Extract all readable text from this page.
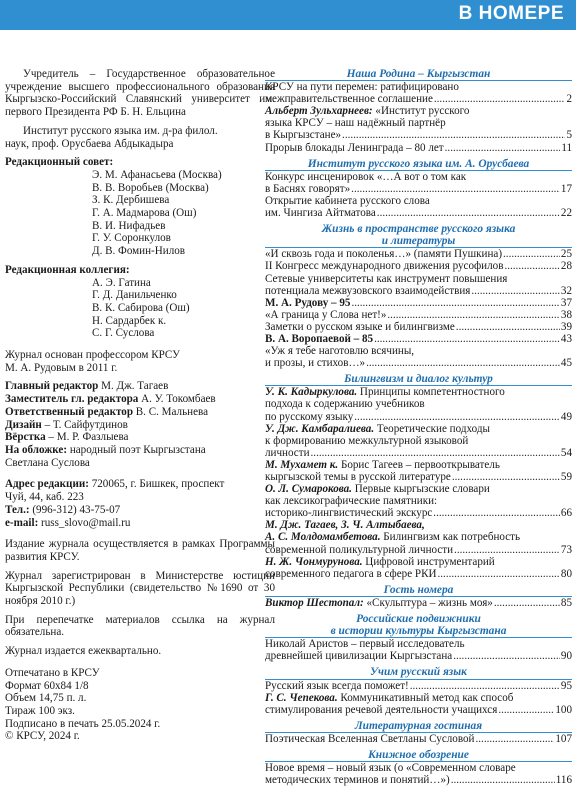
В НОМЕРЕ

Учредитель – Государственное образовательное учреждение высшего профессионального образования Кыргызско-Российский Славянский университет им. первого Президента РФ Б. Н. Ельцина

Институт русского языка им. д-ра филол.

наук, проф. Орусбаева Абдыкадыра

Редакционный совет:

Э. М. Афанасьева (Москва)

В. В. Воробьев (Москва)

З. К. Дербишева

Г. А. Мадмарова (Ош)

В. И. Нифадьев

Г. У. Соронкулов

Д. В. Фомин-Нилов

Редакционная коллегия:

А. Э. Гатина

Г. Д. Данильченко

В. К. Сабирова (Ош)

Н. Сардарбек к.

С. Г. Суслова

Журнал основан профессором КРСУ

М. А. Рудовым в 2011 г.

Главный редактор М. Дж. Тагаев

Заместитель гл. редактора А. У. Токомбаев

Ответственный редактор В. С. Мальнева

Дизайн – Т. Сайфутдинов

Вёрстка – М. Р. Фазлыева

На обложке: народный поэт Кыргызстана

Светлана Суслова

Адрес редакции: 720065, г. Бишкек, проспект

Чуй, 44, каб. 223

Тел.: (996-312) 43-75-07

e-mail: russ_slovo@mail.ru

Издание журнала осуществляется в рамках Программы развития КРСУ.

Журнал зарегистрирован в Министерстве юстиции Кыргызской Республики (свидетельство №1690 от 30 ноября 2010 г.)

При перепечатке материалов ссылка на журнал обязательна.

Журнал издается ежеквартально.

Отпечатано в КРСУ

Формат 60х84 1/8

Объем 14,75 п. л.

Тираж 100 экз.

Подписано в печать 25.05.2024 г.

© КРСУ, 2024 г.

Наша Родина – Кыргызстан
КРСУ на пути перемен: ратифицировано
межправительственное соглашение .....	2
Альберт Зульхарнеев: «Институт русского
языка КРСУ – наш надёжный партнёр
в Кыргызстане» .....	5
Прорыв блокады Ленинграда – 80 лет .....	11
Институт русского языка им. А. Орусбаева
Конкурс инсценировок «…А вот о том как
в Баснях говорят» .....	17
Открытие кабинета русского слова
им. Чингиза Айтматова .....	22
Жизнь в пространстве русского языка
и литературы
«И сквозь года и поколенья…» (памяти Пушкина) .....	25
II Конгресс международного движения русофилов .....	28
Сетевые университеты как инструмент повышения
потенциала межвузовского взаимодействия .....	32
М. А. Рудову – 95 .....	37
«А граница у Слова нет!» .....	38
Заметки о русском языке и билингвизме .....	39
В. А. Воропаевой – 85 .....	43
«Уж я тебе наготовлю всячины,
и прозы, и стихов…» .....	45
Билингвизм и диалог культур
У. К. Кадыркулова. Принципы компетентностного
подхода к содержанию учебников
по русскому языку .....	49
У. Дж. Камбаралиева. Теоретические подходы
к формированию межкультурной языковой
личности .....	54
М. Мухамет к. Борис Тагеев – первооткрыватель
кыргызской темы в русской литературе .....	59
О. Л. Сумарокова. Первые кыргызские словари
как лексикографические памятники:
историко-лингвистический экскурс .....	66
М. Дж. Тагаев, З. Ч. Алтыбаева,
А. С. Молдомамбетова. Билингвизм как потребность
современной поликультурной личности .....	73
Н. Ж. Чонмурунова. Цифровой инструментарий
современного педагога в сфере РКИ .....	80
Гость номера
Виктор Шестопал: «Скульптура – жизнь моя» .....	85
Российские подвижники
в истории культуры Кыргызстана
Николай Аристов – первый исследователь
древнейшей цивилизации Кыргызстана .....	90
Учим русский язык
Русский язык всегда поможет! .....	95
Г. С. Чепекова. Коммуникативный метод как способ
стимулирования речевой деятельности учащихся .....	100
Литературная гостиная
Поэтическая Вселенная Светланы Сусловой .....	107
Книжное обозрение
Новое время – новый язык (о «Современном словаре
методических терминов и понятий…») .....	116
